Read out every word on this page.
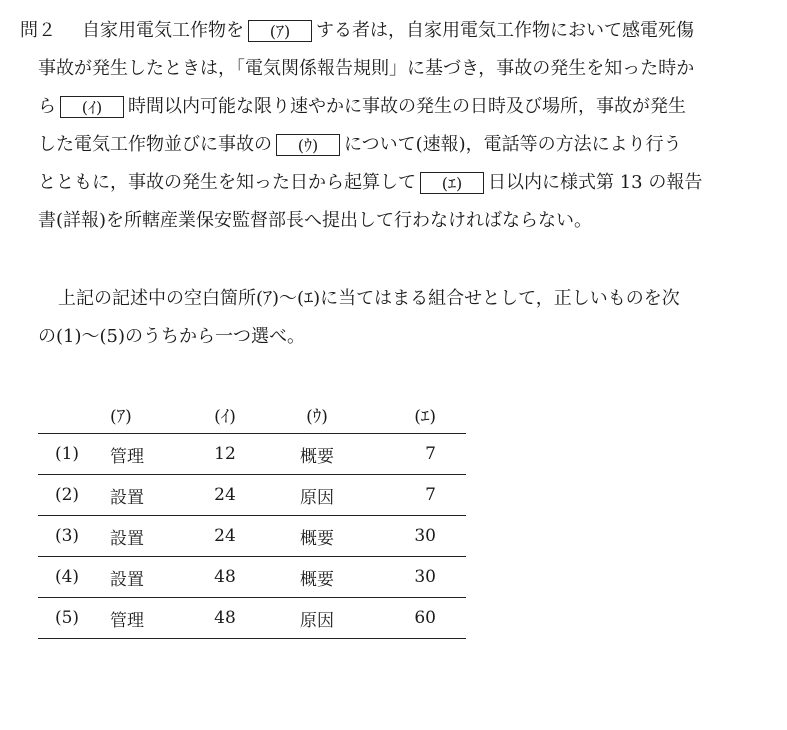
問２ 自家用電気工作物を (ｱ) する者は，自家用電気工作物において感電死傷
事故が発生したときは，「電気関係報告規則」に基づき，事故の発生を知った時か
ら (ｲ) 時間以内可能な限り速やかに事故の発生の日時及び場所，事故が発生
した電気工作物並びに事故の (ｳ) について(速報)，電話等の方法により行う
とともに，事故の発生を知った日から起算して (ｴ) 日以内に様式第 13 の報告
書(詳報)を所轄産業保安監督部長へ提出して行わなければならない。
上記の記述中の空白箇所(ｱ)～(ｴ)に当てはまる組合せとして，正しいものを次
の(1)～(5)のうちから一つ選べ。
	(ｱ)	(ｲ)	(ｳ)	(ｴ)
(1)	管理	12	概要	7
(2)	設置	24	原因	7
(3)	設置	24	概要	30
(4)	設置	48	概要	30
(5)	管理	48	原因	60
